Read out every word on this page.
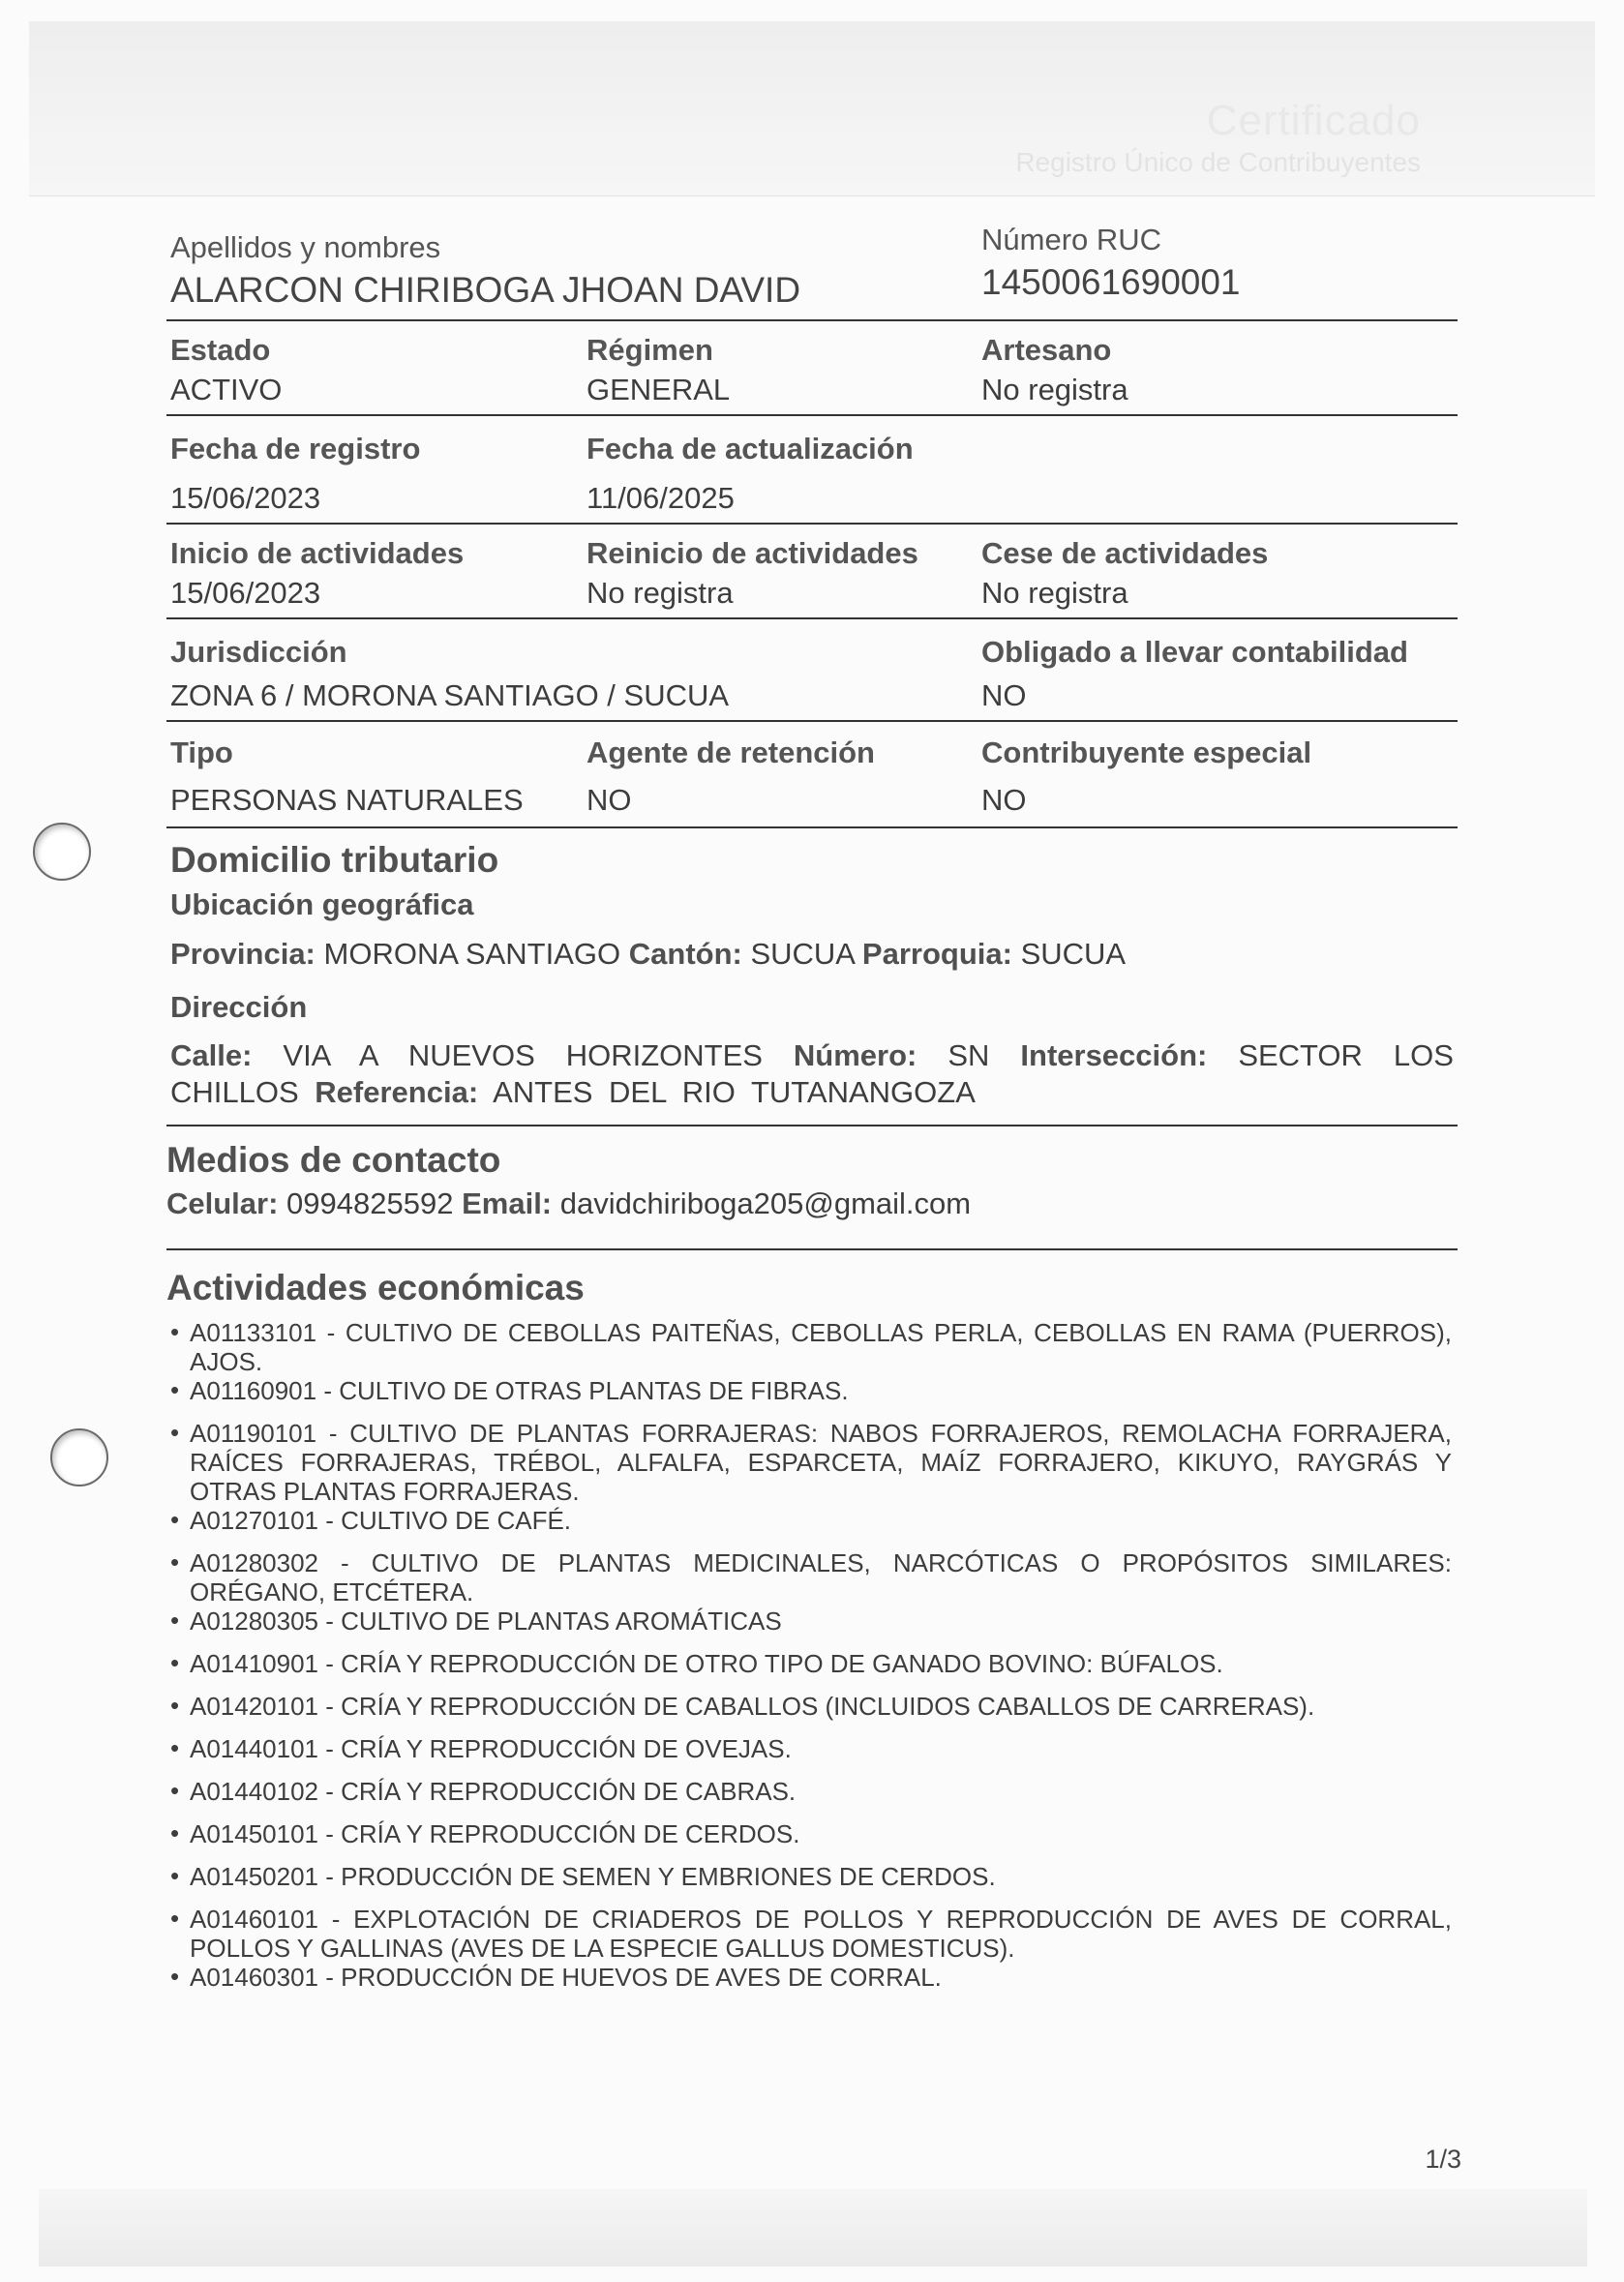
Certificado
Registro Único de Contribuyentes
Apellidos y nombres
ALARCON CHIRIBOGA JHOAN DAVID
Número RUC
1450061690001
Estado
ACTIVO
Régimen
GENERAL
Artesano
No registra
Fecha de registro
15/06/2023
Fecha de actualización
11/06/2025
Inicio de actividades
15/06/2023
Reinicio de actividades
No registra
Cese de actividades
No registra
Jurisdicción
ZONA 6 / MORONA SANTIAGO / SUCUA
Obligado a llevar contabilidad
NO
Tipo
PERSONAS NATURALES
Agente de retención
NO
Contribuyente especial
NO
Domicilio tributario
Ubicación geográfica
Provincia: MORONA SANTIAGO Cantón: SUCUA Parroquia: SUCUA
Dirección
Calle: VIA A NUEVOS HORIZONTES Número: SN Intersección: SECTOR LOS CHILLOS Referencia: ANTES DEL RIO TUTANANGOZA
Medios de contacto
Celular: 0994825592 Email: davidchiriboga205@gmail.com
Actividades económicas
• A01133101 - CULTIVO DE CEBOLLAS PAITEÑAS, CEBOLLAS PERLA, CEBOLLAS EN RAMA (PUERROS), AJOS.
• A01160901 - CULTIVO DE OTRAS PLANTAS DE FIBRAS.
• A01190101 - CULTIVO DE PLANTAS FORRAJERAS: NABOS FORRAJEROS, REMOLACHA FORRAJERA, RAÍCES FORRAJERAS, TRÉBOL, ALFALFA, ESPARCETA, MAÍZ FORRAJERO, KIKUYO, RAYGRÁS Y OTRAS PLANTAS FORRAJERAS.
• A01270101 - CULTIVO DE CAFÉ.
• A01280302 - CULTIVO DE PLANTAS MEDICINALES, NARCÓTICAS O PROPÓSITOS SIMILARES: ORÉGANO, ETCÉTERA.
• A01280305 - CULTIVO DE PLANTAS AROMÁTICAS
• A01410901 - CRÍA Y REPRODUCCIÓN DE OTRO TIPO DE GANADO BOVINO: BÚFALOS.
• A01420101 - CRÍA Y REPRODUCCIÓN DE CABALLOS (INCLUIDOS CABALLOS DE CARRERAS).
• A01440101 - CRÍA Y REPRODUCCIÓN DE OVEJAS.
• A01440102 - CRÍA Y REPRODUCCIÓN DE CABRAS.
• A01450101 - CRÍA Y REPRODUCCIÓN DE CERDOS.
• A01450201 - PRODUCCIÓN DE SEMEN Y EMBRIONES DE CERDOS.
• A01460101 - EXPLOTACIÓN DE CRIADEROS DE POLLOS Y REPRODUCCIÓN DE AVES DE CORRAL, POLLOS Y GALLINAS (AVES DE LA ESPECIE GALLUS DOMESTICUS).
• A01460301 - PRODUCCIÓN DE HUEVOS DE AVES DE CORRAL.
1/3
